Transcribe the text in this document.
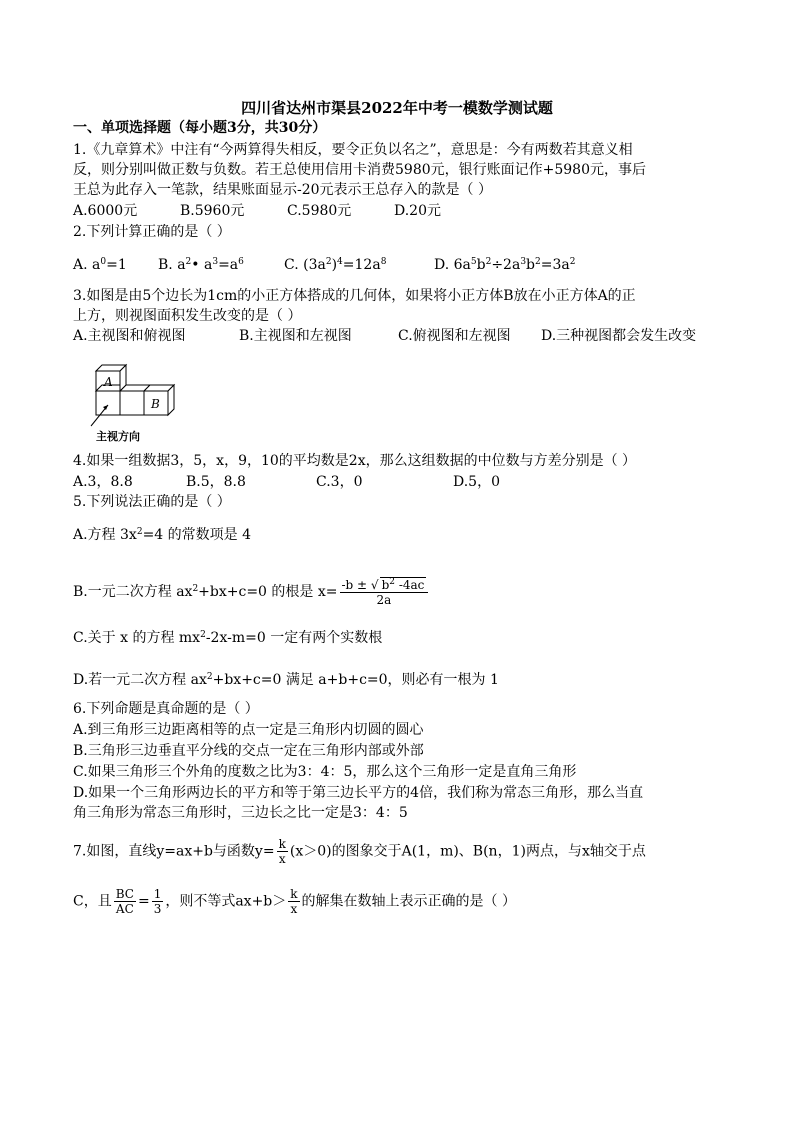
四川省达州市渠县2022年中考一模数学测试题
一、单项选择题（每小题3分，共30分）
1.《九章算术》中注有“今两算得失相反，要令正负以名之”，意思是：今有两数若其意义相
反，则分别叫做正数与负数。若王总使用信用卡消费5980元，银行账面记作+5980元，事后
王总为此存入一笔款，结果账面显示-20元表示王总存入的款是（ ）
A.6000元	B.5960元	C.5980元	D.20元
2.下列计算正确的是（ ）
A. $a^0=1$ B. $a^2•$ $a^3=a^6$	C. $(3a^2)^4=12a^8$	D. $6a^5b^2\div 2a^3b^2=3a^2$
3.如图是由5个边长为1cm的小正方体搭成的几何体，如果将小正方体B放在小正方体A的正
上方，则视图面积发生改变的是（ ）
A.主视图和俯视图	B.主视图和左视图	C.俯视图和左视图 D.三种视图都会发生改变
A
B
主视方向
4.如果一组数据3，5，x，9，10的平均数是2x，那么这组数据的中位数与方差分别是（ ）
A.3，8.8	B.5，8.8	C.3，0	D.5，0
5.下列说法正确的是（ ）
A.方程 $3x^2=4$ 的常数项是 4
B.一元二次方程 $ax^2+bx+c=0$ 的根是 $x= \frac{-b \pm √ b^2 -4ac}{2a}$
C.关于 x 的方程 $mx^2-2x-m=0$ 一定有两个实数根
D.若一元二次方程 $ax^2+bx+c=0$ 满足 a+b+c=0，则必有一根为 1
6.下列命题是真命题的是（ ）
A.到三角形三边距离相等的点一定是三角形内切圆的圆心
B.三角形三边垂直平分线的交点一定在三角形内部或外部
C.如果三角形三个外角的度数之比为3：4：5，那么这个三角形一定是直角三角形
D.如果一个三角形两边长的平方和等于第三边长平方的4倍，我们称为常态三角形，那么当直
角三角形为常态三角形时，三边长之比一定是3：4：5
7.如图，直线y=ax+b与函数$y= \frac{k}{x} (x>0)$的图象交于A(1，m)、B(n，1)两点，与x轴交于点
C，且 $\frac{BC}{AC} = \frac{1}{3}$ ，则不等式$ax+b> \frac{k}{x}$ 的解集在数轴上表示正确的是（ ）
